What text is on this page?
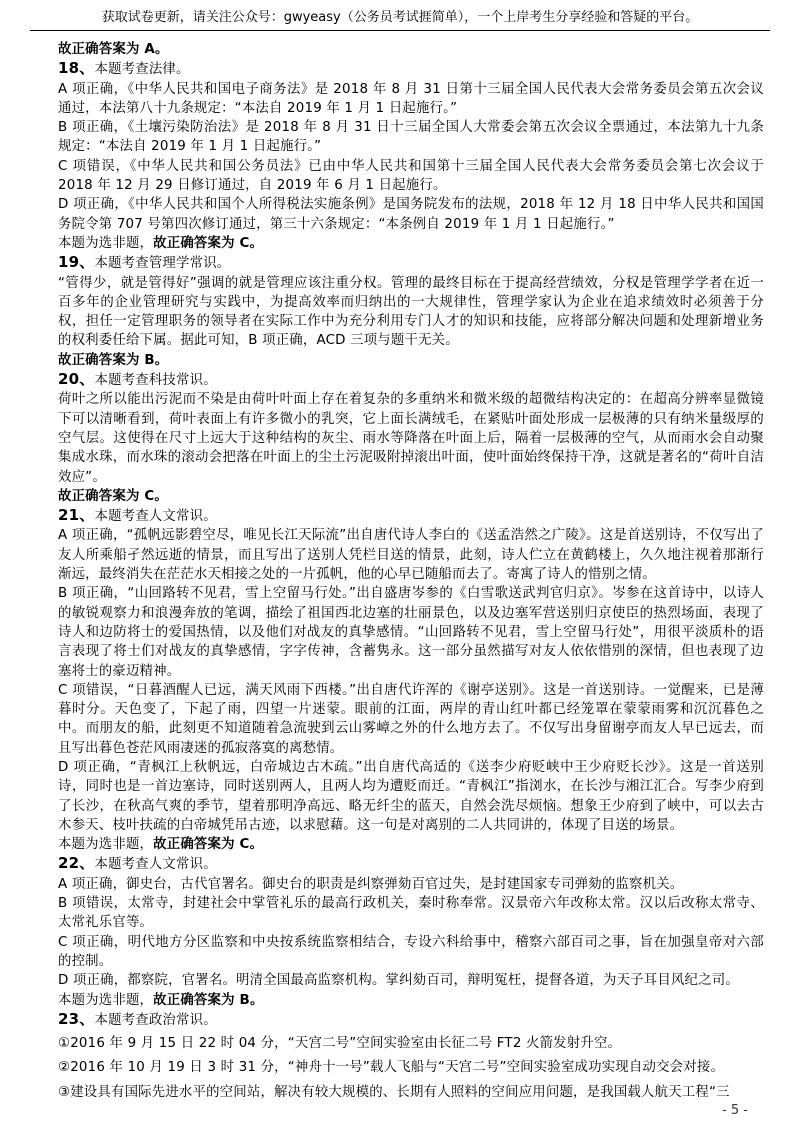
获取试卷更新，请关注公众号：gwyeasy（公务员考试捱简单），一个上岸考生分享经验和答疑的平台。

故正确答案为 A。

18、本题考查法律。

A 项正确，《中华人民共和国电子商务法》是 2018 年 8 月 31 日第十三届全国人民代表大会常务委员会第五次会议通过，本法第八十九条规定：“本法自 2019 年 1 月 1 日起施行。”

B 项正确，《土壤污染防治法》是 2018 年 8 月 31 日十三届全国人大常委会第五次会议全票通过，本法第九十九条规定：“本法自 2019 年 1 月 1 日起施行。”

C 项错误，《中华人民共和国公务员法》已由中华人民共和国第十三届全国人民代表大会常务委员会第七次会议于 2018 年 12 月 29 日修订通过，自 2019 年 6 月 1 日起施行。

D 项正确，《中华人民共和国个人所得税法实施条例》是国务院发布的法规，2018 年 12 月 18 日中华人民共和国国务院令第 707 号第四次修订通过，第三十六条规定：“本条例自 2019 年 1 月 1 日起施行。”

本题为选非题，故正确答案为 C。

19、本题考查管理学常识。

“管得少，就是管得好”强调的就是管理应该注重分权。管理的最终目标在于提高经营绩效，分权是管理学学者在近一百多年的企业管理研究与实践中，为提高效率而归纳出的一大规律性，管理学家认为企业在追求绩效时必须善于分权，担任一定管理职务的领导者在实际工作中为充分利用专门人才的知识和技能，应将部分解决问题和处理新增业务的权利委任给下属。据此可知，B 项正确，ACD 三项与题干无关。

故正确答案为 B。

20、本题考查科技常识。

荷叶之所以能出污泥而不染是由荷叶叶面上存在着复杂的多重纳米和微米级的超微结构决定的：在超高分辨率显微镜下可以清晰看到，荷叶表面上有许多微小的乳突，它上面长满绒毛，在紧贴叶面处形成一层极薄的只有纳米量级厚的空气层。这使得在尺寸上远大于这种结构的灰尘、雨水等降落在叶面上后，隔着一层极薄的空气，从而雨水会自动聚集成水珠，而水珠的滚动会把落在叶面上的尘土污泥吸附掉滚出叶面，使叶面始终保持干净，这就是著名的“荷叶自洁效应”。

故正确答案为 C。

21、本题考查人文常识。

A 项正确，“孤帆远影碧空尽，唯见长江天际流”出自唐代诗人李白的《送孟浩然之广陵》。这是首送别诗，不仅写出了友人所乘船孑然远逝的情景，而且写出了送别人凭栏目送的情景，此刻，诗人伫立在黄鹤楼上，久久地注视着那渐行渐远，最终消失在茫茫水天相接之处的一片孤帆，他的心早已随船而去了。寄寓了诗人的惜别之情。

B 项正确，“山回路转不见君，雪上空留马行处。”出自盛唐岑参的《白雪歌送武判官归京》。岑参在这首诗中，以诗人的敏锐观察力和浪漫奔放的笔调，描绘了祖国西北边塞的壮丽景色，以及边塞军营送别归京使臣的热烈场面，表现了诗人和边防将士的爱国热情，以及他们对战友的真挚感情。“山回路转不见君，雪上空留马行处”，用很平淡质朴的语言表现了将士们对战友的真挚感情，字字传神，含蓄隽永。这一部分虽然描写对友人依依惜别的深情，但也表现了边塞将士的豪迈精神。

C 项错误，“日暮酒醒人已远，满天风雨下西楼。”出自唐代许浑的《谢亭送别》。这是一首送别诗。一觉醒来，已是薄暮时分。天色变了，下起了雨，四望一片迷蒙。眼前的江面，两岸的青山红叶都已经笼罩在蒙蒙雨雾和沉沉暮色之中。而朋友的船，此刻更不知道随着急流驶到云山雾嶂之外的什么地方去了。不仅写出身留谢亭而友人早已远去，而且写出暮色苍茫风雨凄迷的孤寂落寞的离愁情。

D 项正确，“青枫江上秋帆远，白帝城边古木疏。”出自唐代高适的《送李少府贬峡中王少府贬长沙》。这是一首送别诗，同时也是一首边塞诗，同时送别两人，且两人均为遭贬而迁。“青枫江”指浏水，在长沙与湘江汇合。写李少府到了长沙，在秋高气爽的季节，望着那明净高远、略无纤尘的蓝天，自然会洗尽烦恼。想象王少府到了峡中，可以去古木参天、枝叶扶疏的白帝城凭吊古迹，以求慰藉。这一句是对离别的二人共同讲的，体现了目送的场景。

本题为选非题，故正确答案为 C。

22、本题考查人文常识。

A 项正确，御史台，古代官署名。御史台的职责是纠察弹劾百官过失，是封建国家专司弹劾的监察机关。

B 项错误，太常寺，封建社会中掌管礼乐的最高行政机关，秦时称奉常。汉景帝六年改称太常。汉以后改称太常寺、太常礼乐官等。

C 项正确，明代地方分区监察和中央按系统监察相结合，专设六科给事中，稽察六部百司之事，旨在加强皇帝对六部的控制。

D 项正确，都察院，官署名。明清全国最高监察机构。掌纠劾百司，辩明冤枉，提督各道，为天子耳目风纪之司。

本题为选非题，故正确答案为 B。

23、本题考查政治常识。

①2016 年 9 月 15 日 22 时 04 分，“天宫二号”空间实验室由长征二号 FT2 火箭发射升空。

②2016 年 10 月 19 日 3 时 31 分，“神舟十一号”载人飞船与“天宫二号”空间实验室成功实现自动交会对接。

③建设具有国际先进水平的空间站，解决有较大规模的、长期有人照料的空间应用问题，是我国载人航天工程“三

- 5 -
